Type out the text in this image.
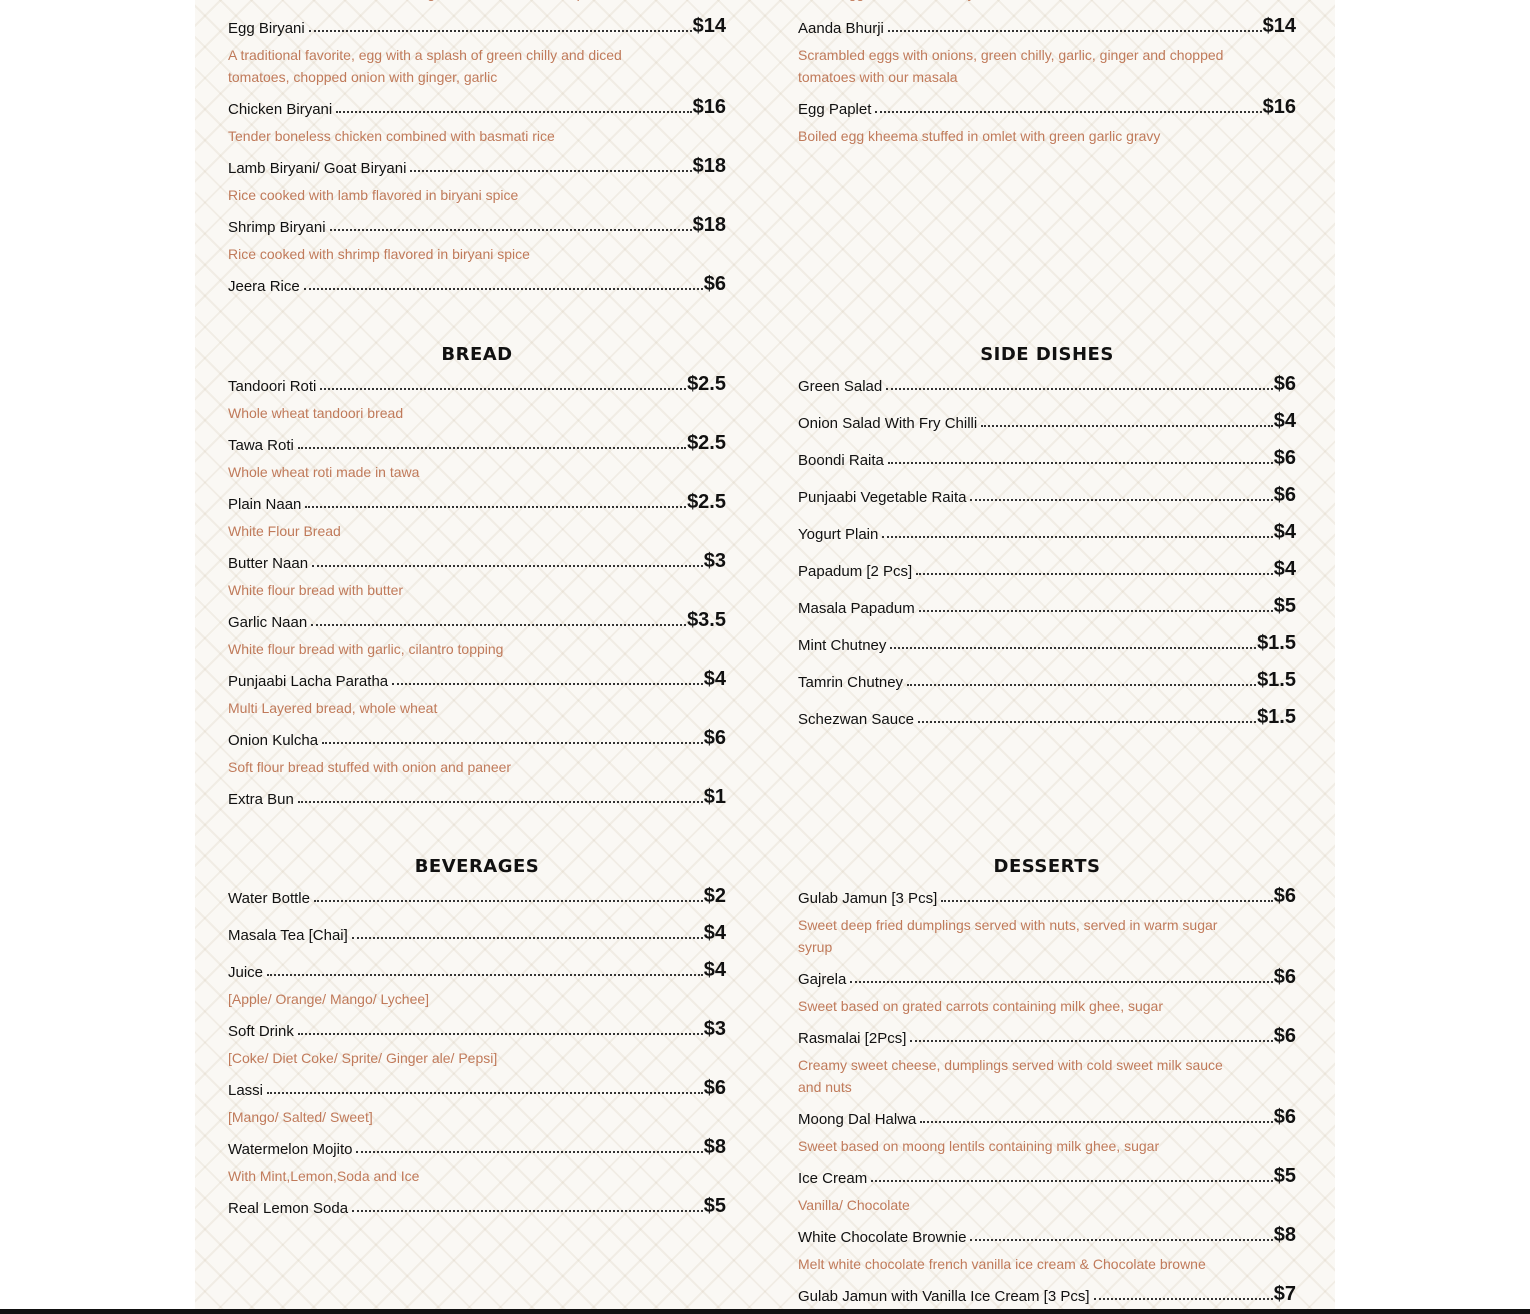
Egg Biryani	$14
A traditional favorite, egg with a splash of green chilly and diced tomatoes, chopped onion with ginger, garlic
Chicken Biryani	$16
Tender boneless chicken combined with basmati rice
Lamb Biryani/ Goat Biryani	$18
Rice cooked with lamb flavored in biryani spice
Shrimp Biryani	$18
Rice cooked with shrimp flavored in biryani spice
Jeera Rice	$6
Aanda Bhurji	$14
Scrambled eggs with onions, green chilly, garlic, ginger and chopped tomatoes with our masala
Egg Paplet	$16
Boiled egg kheema stuffed in omlet with green garlic gravy
BREAD
Tandoori Roti	$2.5
Whole wheat tandoori bread
Tawa Roti	$2.5
Whole wheat roti made in tawa
Plain Naan	$2.5
White Flour Bread
Butter Naan	$3
White flour bread with butter
Garlic Naan	$3.5
White flour bread with garlic, cilantro topping
Punjaabi Lacha Paratha	$4
Multi Layered bread, whole wheat
Onion Kulcha	$6
Soft flour bread stuffed with onion and paneer
Extra Bun	$1
SIDE DISHES
Green Salad	$6
Onion Salad With Fry Chilli	$4
Boondi Raita	$6
Punjaabi Vegetable Raita	$6
Yogurt Plain	$4
Papadum [2 Pcs]	$4
Masala Papadum	$5
Mint Chutney	$1.5
Tamrin Chutney	$1.5
Schezwan Sauce	$1.5
BEVERAGES
Water Bottle	$2
Masala Tea [Chai]	$4
Juice	$4
[Apple/ Orange/ Mango/ Lychee]
Soft Drink	$3
[Coke/ Diet Coke/ Sprite/ Ginger ale/ Pepsi]
Lassi	$6
[Mango/ Salted/ Sweet]
Watermelon Mojito	$8
With Mint,Lemon,Soda and Ice
Real Lemon Soda	$5
DESSERTS
Gulab Jamun [3 Pcs]	$6
Sweet deep fried dumplings served with nuts, served in warm sugar syrup
Gajrela	$6
Sweet based on grated carrots containing milk ghee, sugar
Rasmalai [2Pcs]	$6
Creamy sweet cheese, dumplings served with cold sweet milk sauce and nuts
Moong Dal Halwa	$6
Sweet based on moong lentils containing milk ghee, sugar
Ice Cream	$5
Vanilla/ Chocolate
White Chocolate Brownie	$8
Melt white chocolate french vanilla ice cream & Chocolate browne
Gulab Jamun with Vanilla Ice Cream [3 Pcs]	$7
